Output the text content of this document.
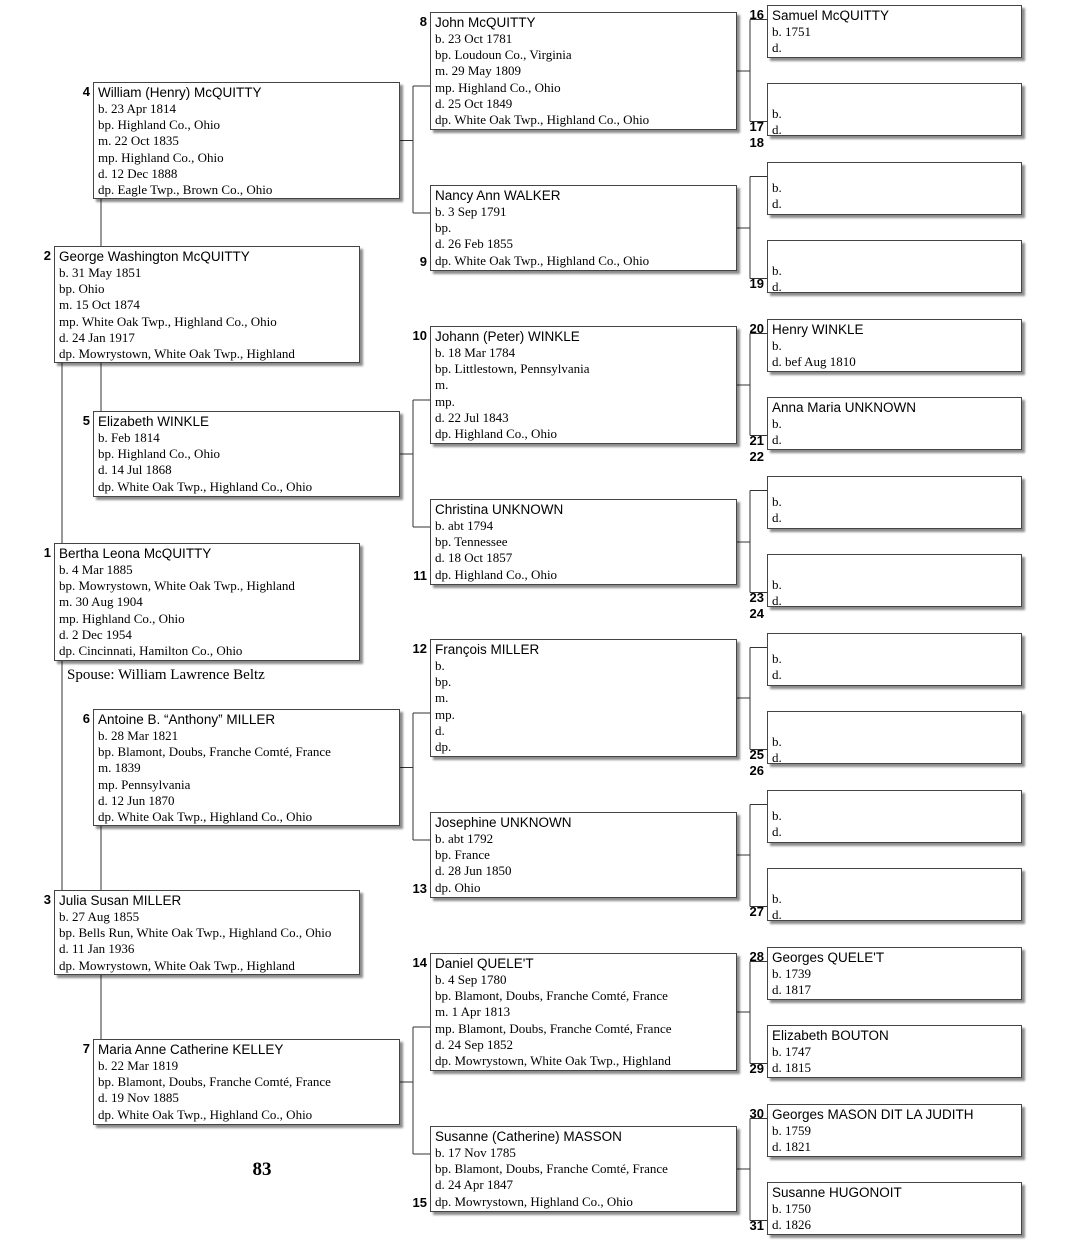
Bertha Leona McQUITTY
b. 4 Mar 1885
bp. Mowrystown, White Oak Twp., Highland
m. 30 Aug 1904
mp. Highland Co., Ohio
d. 2 Dec 1954
dp. Cincinnati, Hamilton Co., Ohio
1
George Washington McQUITTY
b. 31 May 1851
bp. Ohio
m. 15 Oct 1874
mp. White Oak Twp., Highland Co., Ohio
d. 24 Jan 1917
dp. Mowrystown, White Oak Twp., Highland
2
Julia Susan MILLER
b. 27 Aug 1855
bp. Bells Run, White Oak Twp., Highland Co., Ohio
d. 11 Jan 1936
dp. Mowrystown, White Oak Twp., Highland
3
William (Henry) McQUITTY
b. 23 Apr 1814
bp. Highland Co., Ohio
m. 22 Oct 1835
mp. Highland Co., Ohio
d. 12 Dec 1888
dp. Eagle Twp., Brown Co., Ohio
4
Elizabeth WINKLE
b. Feb 1814
bp. Highland Co., Ohio
d. 14 Jul 1868
dp. White Oak Twp., Highland Co., Ohio
5
Antoine B. “Anthony” MILLER
b. 28 Mar 1821
bp. Blamont, Doubs, Franche Comté, France
m. 1839
mp. Pennsylvania
d. 12 Jun 1870
dp. White Oak Twp., Highland Co., Ohio
6
Maria Anne Catherine KELLEY
b. 22 Mar 1819
bp. Blamont, Doubs, Franche Comté, France
d. 19 Nov 1885
dp. White Oak Twp., Highland Co., Ohio
7
John McQUITTY
b. 23 Oct 1781
bp. Loudoun Co., Virginia
m. 29 May 1809
mp. Highland Co., Ohio
d. 25 Oct 1849
dp. White Oak Twp., Highland Co., Ohio
8
Nancy Ann WALKER
b. 3 Sep 1791
bp.
d. 26 Feb 1855
dp. White Oak Twp., Highland Co., Ohio
9
Johann (Peter) WINKLE
b. 18 Mar 1784
bp. Littlestown, Pennsylvania
m.
mp.
d. 22 Jul 1843
dp. Highland Co., Ohio
10
Christina UNKNOWN
b. abt 1794
bp. Tennessee
d. 18 Oct 1857
dp. Highland Co., Ohio
11
François MILLER
b.
bp.
m.
mp.
d.
dp.
12
Josephine UNKNOWN
b. abt 1792
bp. France
d. 28 Jun 1850
dp. Ohio
13
Daniel QUELE'T
b. 4 Sep 1780
bp. Blamont, Doubs, Franche Comté, France
m. 1 Apr 1813
mp. Blamont, Doubs, Franche Comté, France
d. 24 Sep 1852
dp. Mowrystown, White Oak Twp., Highland
14
Susanne (Catherine) MASSON
b. 17 Nov 1785
bp. Blamont, Doubs, Franche Comté, France
d. 24 Apr 1847
dp. Mowrystown, Highland Co., Ohio
15
Samuel McQUITTY
b. 1751
d.
16
b.
d.
17
b.
d.
18
b.
d.
19
Henry WINKLE
b.
d. bef Aug 1810
20
Anna Maria UNKNOWN
b.
d.
21
b.
d.
22
b.
d.
23
b.
d.
24
b.
d.
25
b.
d.
26
b.
d.
27
Georges QUELE'T
b. 1739
d. 1817
28
Elizabeth BOUTON
b. 1747
d. 1815
29
Georges MASON DIT LA JUDITH
b. 1759
d. 1821
30
Susanne HUGONOIT
b. 1750
d. 1826
31
Spouse: William Lawrence Beltz
83
